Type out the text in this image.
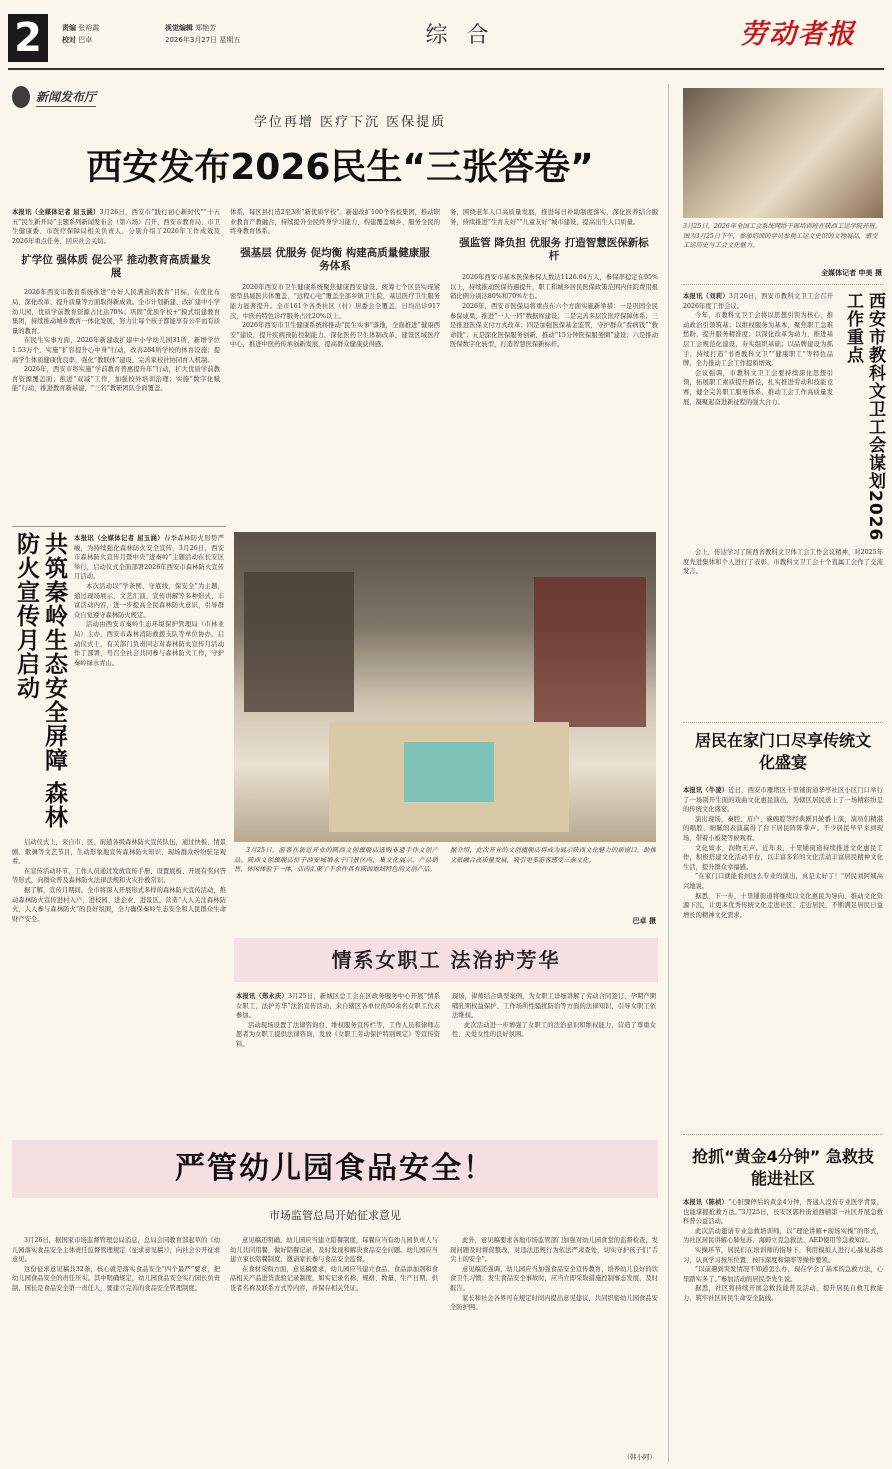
2	责编 张裕霞
校对 巴卓
视觉编辑 郑艳芳
2026年3月27日 星期五	综 合	劳动者报
新闻发布厅
学位再增 医疗下沉 医保提质
西安发布2026民生“三张答卷”

本报讯（全媒体记者 屈玉涵）3月26日，西安市“践行初心新时代”“十五五”民生新开局”主题系列新闻发布会（第六场）召开，西安市教育局、市卫生健康委、市医疗保障局相关负责人，分别介绍了2026年工作成效及2026年重点任务，回应社会关切。

扩学位 强体质 促公平 推动教育高质量发展

2026年西安市教育系统推进“办好人民满意的教育”目标，在优化布局、深化改革、提升质量等方面取得新成效。全市计划新建、改扩建中小学幼儿园，优质学前教育资源占比达70%；巩固“优质学校+”模式组建教育集团，持续推动城乡教育一体化发展，努力让每个孩子都能享有公平而有质量的教育。

在民生实事方面，2026年新建改扩建中小学幼儿园31所，新增学位1.53万个，实施“扩容提升心中身”行动，改善264所学校的体育设施；提高学生体质健康优良率，强化“教联体”建设，完善家校社协同育人机制。

2026年，西安市将实施“学前教育普惠提升年”行动，扩大优质学前教育资源覆盖面；推进“双减”工作，加强校外培训治理；实施“数字化赋能”行动，推进教育新基建，“三名”教研团队全面覆盖。

体系，每区县打造2至3所“新优质学校”。新建改扩100个名校集团，推动职业教育产教融合，持续提升全民终身学习能力，构建覆盖城乡、服务全民的终身教育体系。

强基层 优服务 促均衡 构建高质量健康服务体系

2026年西安市卫生健康系统聚焦健康西安建设，统筹七个区县实现紧密型县域医共体覆盖，“远程心电”覆盖全部乡镇卫生院，基层医疗卫生服务能力显著提升。全市161个各类社区（村）居委会全覆盖，日均出诊917次，中医药特色诊疗服务占比20%以上。

2026年西安市卫生健康系统将推动“民生实事”落地，全面推进“健康西安”建设，提升疾病预防控制能力，深化医药卫生体制改革，建设区域医疗中心，推进中医药传承创新发展，提高群众健康获得感。

务，围绕老年人口高质量发展，推进每日补助制度落实，深化医养结合服务，持续推进“生育友好”“儿童友好”城市建设，提高出生人口质量。

强监管 降负担 优服务 打造智慧医保新标杆

2026年西安市基本医保参保人数达1126.04万人，参保率稳定在95%以上，持续推动医保待遇提升，职工和城乡居民医保政策范围内住院费用报销比例分别达80%和70%左右。

2026年，西安市医保局将重点在六个方面实施新举措：一是巩固全民参保成果，推进“一人一档”数据库建设；二是完善多层次医疗保障体系；三是推进医保支付方式改革；四是加强医保基金监管，守护群众“看病钱”“救命钱”；五是深化医保服务创新，推动“15分钟医保服务圈”建设；六是推动医保数字化转型，打造智慧医保新标杆。

3月25日，2026年全国工会系统网络干部培训班在陕西工运学院开班。图为3月25日下午，参加培训的学员参观工运文史馆的文物展品，感受工运历史与工会文化魅力。
全媒体记者 申美 摄
西安市教科文卫工会谋划2026工作重点

本报讯（刘莉）3月26日，西安市教科文卫工会召开2026年度工作会议。

今年，市教科文卫工会将以思想引领为核心，推动政治引领筑基；以维权服务为基本，聚焦职工急难愁盼，提升服务精准度；以深化改革为动力，推进基层工会规范化建设，夯实组织基础；以品牌建设为抓手，持续打造“书香教科文卫”“健康职工”等特色品牌，全力推动工会工作提质增效。

会议强调，市教科文卫工会要持续深化思想引领，拓展职工素质提升路径，扎实推进劳动和技能竞赛，健全完善职工服务体系，推动工会工作高质量发展，凝聚起奋进新征程的强大合力。

会上，传达学习了陕西省教科文卫体工会工作会议精神，对2025年度先进集体和个人进行了表彰，市教科文卫工会十个直属工会作了交流发言。

共筑秦岭生态安全屏障 森林防火宣传月启动	本报讯（全媒体记者 屈玉涵）春季森林防火形势严峻，为持续强化森林防火安全宣传，3月26日，西安市森林防火宣传月暨中央“进秦岭”主题活动在长安区举行，启动仪式全面部署2026年西安市森林防火宣传月活动。

本次活动以“学条例、守底线，保安全”为主题，通过现场展示、文艺汇演、宣传讲解等多种形式，丰富活动内容，进一步提高全民森林防火意识，引导群众自觉遵守森林防火规定。

活动由西安市秦岭生态环境保护管理局（市林业局）主办，西安市森林消防救援支队等单位协办。启动仪式上，有关部门负责同志对森林防火宣传月活动作了部署，号召全社会共同参与森林防火工作，守护秦岭绿水青山。

启动仪式上，来自市、区、街道各级森林防火宣传队伍，通过快板、情景剧、歌舞等文艺节目，生动形象地宣传森林防火知识，现场群众纷纷驻足观看。

在宣传活动环节，工作人员通过发放宣传手册、设置展板、开展有奖问答等形式，向群众普及森林防火法律法规和火灾扑救常识。

据了解，宣传月期间，全市将深入开展形式多样的森林防火宣传活动，推动森林防火宣传进村入户、进校园、进企业、进景区，营造“人人关注森林防火、人人参与森林防火”的良好氛围，全力确保秦岭生态安全和人民群众生命财产安全。

3月25日，游客在新近开业的陕西文创旗舰店选购非遗手作文创产品。陕西文创旗舰店位于西安城墙永宁门景区内，集文化展示、产品销售、休闲体验于一体，店内汇聚了千余件具有陕西地域特色的文创产品。

据介绍，此次开业的文创旗舰店将成为展示陕西文化魅力的新窗口，助推文旅融合高质量发展，吸引更多游客感受三秦文化。

巴卓 摄
情系女职工 法治护芳华

本报讯（郑永庆）3月25日，新城区总工会在区政务服务中心开展“情系女职工，法护芳华”法治宣传活动，来自辖区各单位的50余名女职工代表参加。

活动现场设置了法律咨询台、维权服务宣传栏等，工作人员和律师志愿者为女职工提供法律咨询，发放《女职工劳动保护特别规定》等宣传资料。

现场，律师结合典型案例，为女职工详细讲解了劳动合同签订、孕期产期哺乳期权益保护、工作场所性骚扰防治等方面的法律知识，引导女职工依法维权。

此次活动进一步增强了女职工的法治意识和维权能力，营造了尊重女性、关爱女性的良好氛围。

居民在家门口尽享传统文化盛宴

本报讯（牛凌）近日，西安市雁塔区十里铺街道华亭社区小区门口举行了一场别开生面的戏曲文化惠民演出，为辖区居民送上了一场精彩纷呈的传统文化盛宴。

演出现场，秦腔、眉户、碗碗腔等经典剧目轮番上演，演员们精湛的唱腔、细腻的表演赢得了台下居民阵阵掌声。不少居民早早来到现场，带着小板凳等候观看。

文化如水，润物无声。近年来，十里铺街道持续推进文化惠民工作，积极搭建文化活动平台，以丰富多彩的文化活动丰富居民精神文化生活，提升群众幸福感。

“在家门口就能看到这么专业的演出，真是太好了！”居民刘阿姨高兴地说。

据悉，下一步，十里铺街道将继续以文化惠民为导向，推动文化资源下沉，让更多优秀传统文化走进社区、走近居民，不断满足居民日益增长的精神文化需求。

严管幼儿园食品安全！
市场监管总局开始征求意见

3月26日，据国家市场监督管理总局消息，总局会同教育部起草的《幼儿园落实食品安全主体责任监督管理规定（征求意见稿）》，向社会公开征求意见。

这份征求意见稿共32条，核心就是落实食品安全“四个最严”要求，把幼儿园食品安全的责任压实。其中明确规定，幼儿园食品安全实行园长负责制，园长是食品安全第一责任人，要建立完善的食品安全管理制度。

意见稿还明确，幼儿园应当建立陪餐制度，每餐应当有幼儿园负责人与幼儿共同用餐，做好陪餐记录，及时发现和解决食品安全问题。幼儿园应当建立家长陪餐制度，邀请家长参与食品安全监督。

在食材采购方面，意见稿要求，幼儿园应当建立食品、食品添加剂和食品相关产品进货查验记录制度，如实记录名称、规格、数量、生产日期、供货者名称及联系方式等内容，并保存相关凭证。

此外，意见稿要求各地市场监管部门加强对幼儿园食堂的监督检查，发现问题及时督促整改，对违法违规行为依法严肃查处，切实守护孩子们“舌尖上的安全”。

意见稿还强调，幼儿园应当加强食品安全宣传教育，培养幼儿良好的饮食卫生习惯；发生食品安全事故时，应当立即采取措施控制事态发展，及时报告。

家长和社会各界可在规定时间内提出意见建议，共同织密幼儿园食品安全防护网。

（韩小阿）
抢抓“黄金4分钟” 急救技能进社区

本报讯（陈祯）“心脏骤停后的黄金4分钟，普通人没有专业医学背景，也能掌握抢救方法。”3月25日，长安区郭杜街道西辅第一社区开展急救科普公益活动。

此次活动邀请专业急救培训师，以“理论讲解+现场实操”的形式，为社区居民讲解心肺复苏、海姆立克急救法、AED使用等急救知识。

实操环节，居民们在培训师的指导下，利用模拟人进行心肺复苏练习，认真学习按压位置、按压深度和频率等操作要领。

“以前遇到突发情况不知道怎么办，现在学会了基本的急救方法，心里踏实多了。”参加活动的居民李先生说。

据悉，社区将持续开展急救技能普及活动，提升居民自救互救能力，筑牢社区居民生命安全防线。
